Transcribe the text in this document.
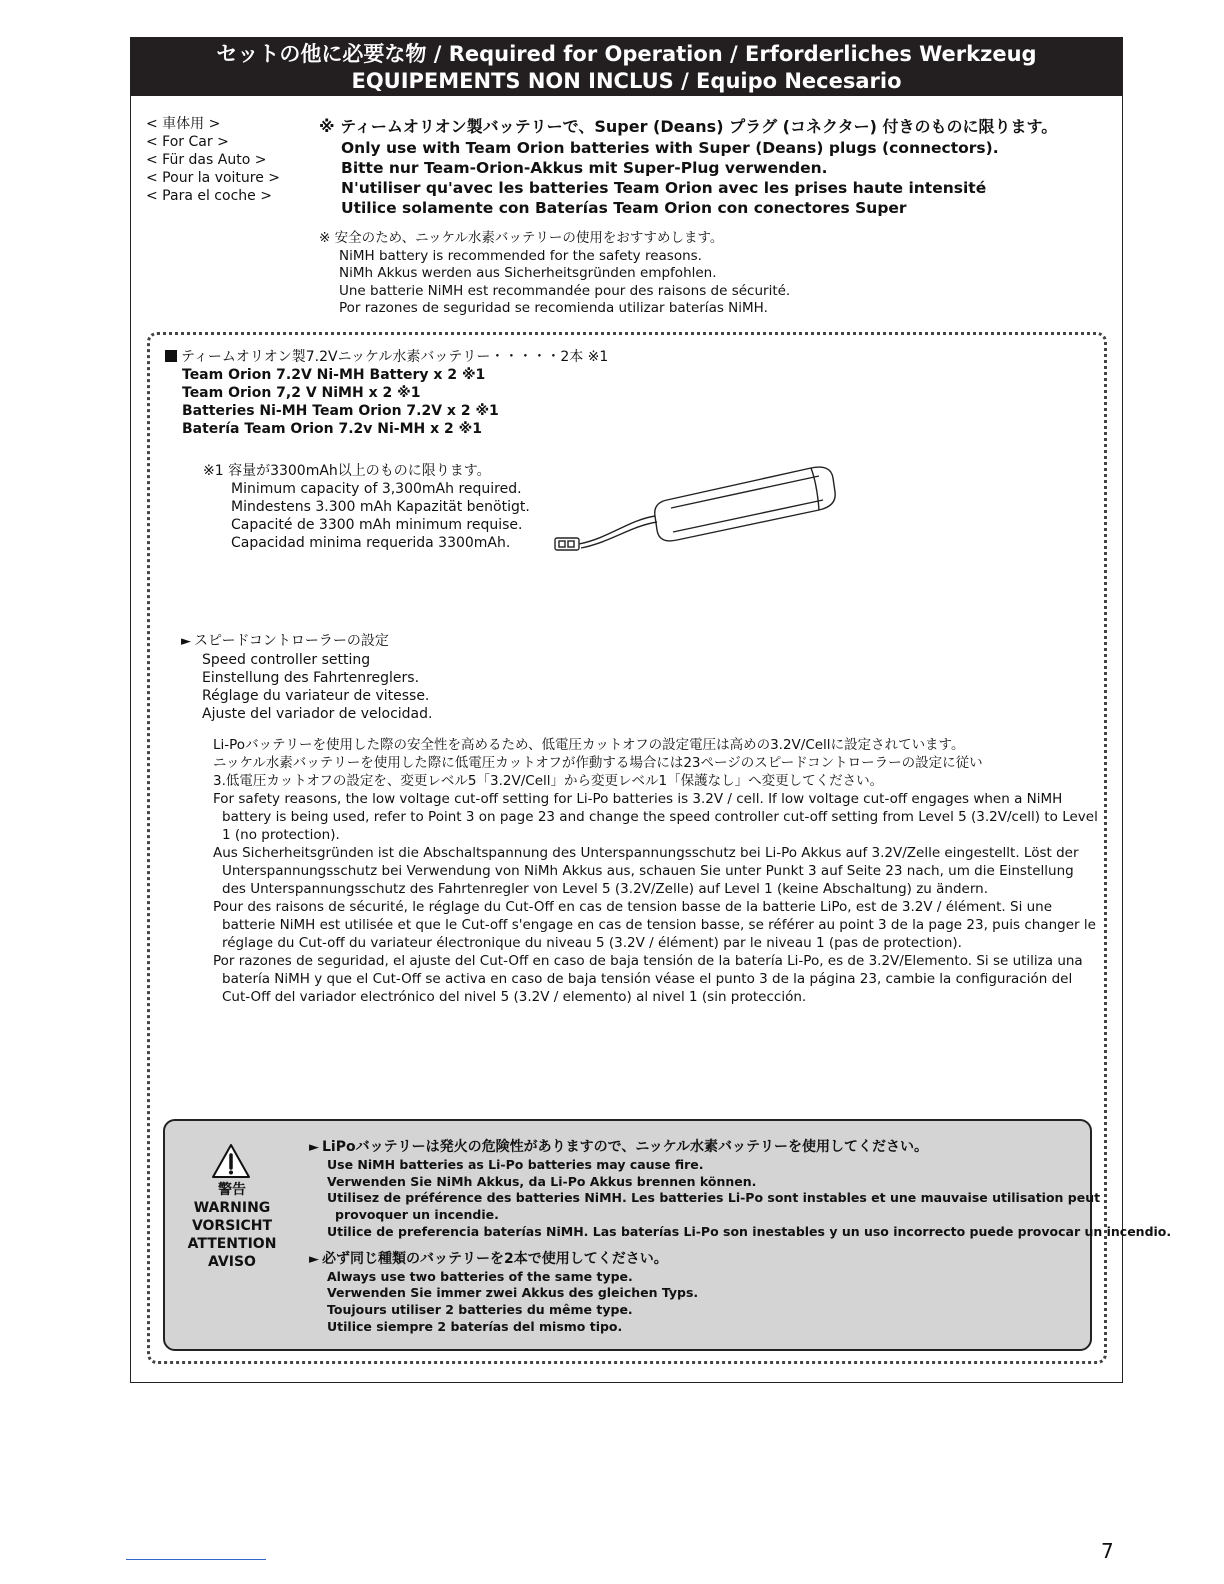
セットの他に必要な物 / Required for Operation / Erforderliches Werkzeug
EQUIPEMENTS NON INCLUS / Equipo Necesario
< 車体用 >
< For Car >
< Für das Auto >
< Pour la voiture >
< Para el coche >
※ ティームオリオン製バッテリーで、Super (Deans) プラグ (コネクター) 付きのものに限ります。
Only use with Team Orion batteries with Super (Deans) plugs (connectors).
Bitte nur Team-Orion-Akkus mit Super-Plug verwenden.
N'utiliser qu'avec les batteries Team Orion avec les prises haute intensité
Utilice solamente con Baterías Team Orion con conectores Super
※ 安全のため、ニッケル水素バッテリーの使用をおすすめします。
NiMH battery is recommended for the safety reasons.
NiMh Akkus werden aus Sicherheitsgründen empfohlen.
Une batterie NiMH est recommandée pour des raisons de sécurité.
Por razones de seguridad se recomienda utilizar baterías NiMH.
ティームオリオン製7.2Vニッケル水素バッテリー・・・・・2本 ※1
Team Orion 7.2V Ni-MH Battery x 2 ※1
Team Orion 7,2 V NiMH x 2 ※1
Batteries Ni-MH Team Orion 7.2V x 2 ※1
Batería Team Orion 7.2v Ni-MH x 2 ※1
※1 容量が3300mAh以上のものに限ります。
Minimum capacity of 3,300mAh required.
Mindestens 3.300 mAh Kapazität benötigt.
Capacité de 3300 mAh minimum requise.
Capacidad minima requerida 3300mAh.
► スピードコントローラーの設定
Speed controller setting
Einstellung des Fahrtenreglers.
Réglage du variateur de vitesse.
Ajuste del variador de velocidad.
Li-Poバッテリーを使用した際の安全性を高めるため、低電圧カットオフの設定電圧は高めの3.2V/Cellに設定されています。
ニッケル水素バッテリーを使用した際に低電圧カットオフが作動する場合には23ページのスピードコントローラーの設定に従い
3.低電圧カットオフの設定を、変更レベル5「3.2V/Cell」から変更レベル1「保護なし」へ変更してください。

For safety reasons, the low voltage cut-off setting for Li-Po batteries is 3.2V / cell. If low voltage cut-off engages when a NiMH battery is being used, refer to Point 3 on page 23 and change the speed controller cut-off setting from Level 5 (3.2V/cell) to Level 1 (no protection).

Aus Sicherheitsgründen ist die Abschaltspannung des Unterspannungsschutz bei Li-Po Akkus auf 3.2V/Zelle eingestellt. Löst der Unterspannungsschutz bei Verwendung von NiMh Akkus aus, schauen Sie unter Punkt 3 auf Seite 23 nach, um die Einstellung des Unterspannungsschutz des Fahrtenregler von Level 5 (3.2V/Zelle) auf Level 1 (keine Abschaltung) zu ändern.

Pour des raisons de sécurité, le réglage du Cut-Off en cas de tension basse de la batterie LiPo, est de 3.2V / élément. Si une batterie NiMH est utilisée et que le Cut-off s'engage en cas de tension basse, se référer au point 3 de la page 23, puis changer le réglage du Cut-off du variateur électronique du niveau 5 (3.2V / élément) par le niveau 1 (pas de protection).

Por razones de seguridad, el ajuste del Cut-Off en caso de baja tensión de la batería Li-Po, es de 3.2V/Elemento. Si se utiliza una batería NiMH y que el Cut-Off se activa en caso de baja tensión véase el punto 3 de la página 23, cambie la configuración del Cut-Off del variador electrónico del nivel 5 (3.2V / elemento) al nivel 1 (sin protección.

警告
WARNING
VORSICHT
ATTENTION
AVISO
► LiPoバッテリーは発火の危険性がありますので、ニッケル水素バッテリーを使用してください。
Use NiMH batteries as Li-Po batteries may cause fire.
Verwenden Sie NiMh Akkus, da Li-Po Akkus brennen können.
Utilisez de préférence des batteries NiMH. Les batteries Li-Po sont instables et une mauvaise utilisation peut
provoquer un incendie.
Utilice de preferencia baterías NiMH. Las baterías Li-Po son inestables y un uso incorrecto puede provocar un incendio.
► 必ず同じ種類のバッテリーを2本で使用してください。
Always use two batteries of the same type.
Verwenden Sie immer zwei Akkus des gleichen Typs.
Toujours utiliser 2 batteries du même type.
Utilice siempre 2 baterías del mismo tipo.
7
